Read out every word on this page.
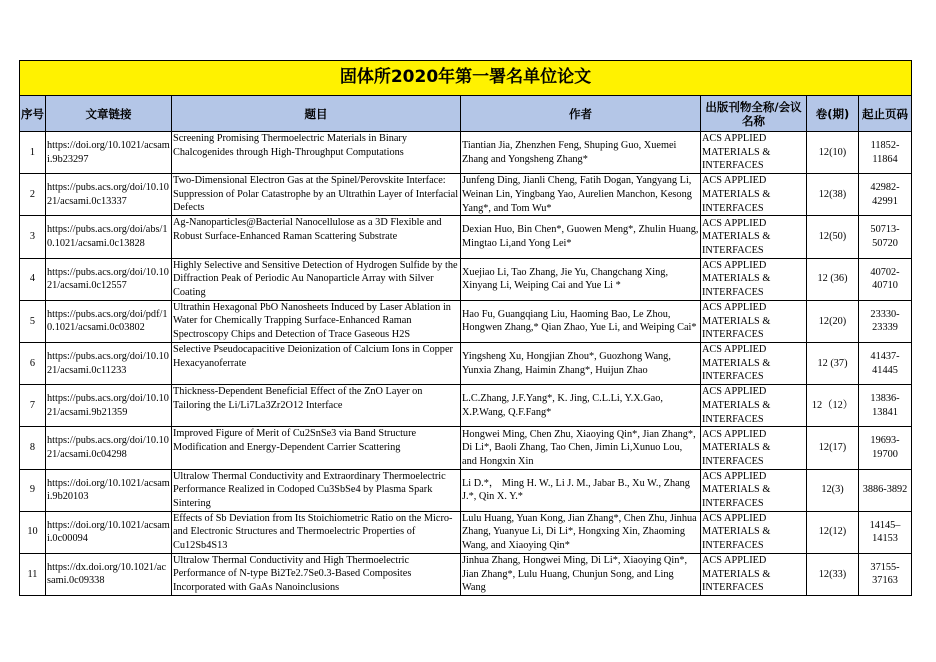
固体所2020年第一署名单位论文						
序号	文章链接	题目	作者	出版刊物全称/会议名称	卷(期)	起止页码
1	https://doi.org/10.1021/acsami.9b23297	Screening Promising Thermoelectric Materials in Binary Chalcogenides through High-Throughput Computations	Tiantian Jia, Zhenzhen Feng, Shuping Guo, Xuemei Zhang and Yongsheng Zhang*	ACS APPLIED MATERIALS & INTERFACES	12(10)	11852-11864
2	https://pubs.acs.org/doi/10.1021/acsami.0c13337	Two-Dimensional Electron Gas at the Spinel/Perovskite Interface: Suppression of Polar Catastrophe by an Ultrathin Layer of Interfacial Defects	Junfeng Ding, Jianli Cheng, Fatih Dogan, Yangyang Li, Weinan Lin, Yingbang Yao, Aurelien Manchon, Kesong Yang*, and Tom Wu*	ACS APPLIED MATERIALS & INTERFACES	12(38)	42982-42991
3	https://pubs.acs.org/doi/abs/10.1021/acsami.0c13828	Ag-Nanoparticles@Bacterial Nanocellulose as a 3D Flexible and Robust Surface-Enhanced Raman Scattering Substrate	Dexian Huo, Bin Chen*, Guowen Meng*, Zhulin Huang, Mingtao Li,and Yong Lei*	ACS APPLIED MATERIALS & INTERFACES	12(50)	50713-50720
4	https://pubs.acs.org/doi/10.1021/acsami.0c12557	Highly Selective and Sensitive Detection of Hydrogen Sulfide by the Diffraction Peak of Periodic Au Nanoparticle Array with Silver Coating	Xuejiao Li, Tao Zhang, Jie Yu, Changchang Xing, Xinyang Li, Weiping Cai and Yue Li *	ACS APPLIED MATERIALS & INTERFACES	12 (36)	40702-40710
5	https://pubs.acs.org/doi/pdf/10.1021/acsami.0c03802	Ultrathin Hexagonal PbO Nanosheets Induced by Laser Ablation in Water for Chemically Trapping Surface-Enhanced Raman Spectroscopy Chips and Detection of Trace Gaseous H2S	Hao Fu, Guangqiang Liu, Haoming Bao, Le Zhou, Hongwen Zhang,* Qian Zhao, Yue Li, and Weiping Cai*	ACS APPLIED MATERIALS & INTERFACES	12(20)	23330-23339
6	https://pubs.acs.org/doi/10.1021/acsami.0c11233	Selective Pseudocapacitive Deionization of Calcium Ions in Copper Hexacyanoferrate	Yingsheng Xu, Hongjian Zhou*, Guozhong Wang, Yunxia Zhang, Haimin Zhang*, Huijun Zhao	ACS APPLIED MATERIALS & INTERFACES	12 (37)	41437-41445
7	https://pubs.acs.org/doi/10.1021/acsami.9b21359	Thickness-Dependent Beneficial Effect of the ZnO Layer on Tailoring the Li/Li7La3Zr2O12 Interface	L.C.Zhang, J.F.Yang*, K. Jing, C.L.Li, Y.X.Gao, X.P.Wang, Q.F.Fang*	ACS APPLIED MATERIALS & INTERFACES	12（12）	13836-13841
8	https://pubs.acs.org/doi/10.1021/acsami.0c04298	Improved Figure of Merit of Cu2SnSe3 via Band Structure Modification and Energy-Dependent Carrier Scattering	Hongwei Ming, Chen Zhu, Xiaoying Qin*, Jian Zhang*, Di Li*, Baoli Zhang, Tao Chen, Jimin Li,Xunuo Lou, and Hongxin Xin	ACS APPLIED MATERIALS & INTERFACES	12(17)	19693-19700
9	https://doi.org/10.1021/acsami.9b20103	Ultralow Thermal Conductivity and Extraordinary Thermoelectric Performance Realized in Codoped Cu3SbSe4 by Plasma Spark Sintering	Li D.*， Ming H. W., Li J. M., Jabar B., Xu W., Zhang J.*, Qin X. Y.*	ACS APPLIED MATERIALS & INTERFACES	12(3)	3886-3892
10	https://doi.org/10.1021/acsami.0c00094	Effects of Sb Deviation from Its Stoichiometric Ratio on the Micro- and Electronic Structures and Thermoelectric Properties of Cu12Sb4S13	Lulu Huang, Yuan Kong, Jian Zhang*, Chen Zhu, Jinhua Zhang, Yuanyue Li, Di Li*, Hongxing Xin, Zhaoming Wang, and Xiaoying Qin*	ACS APPLIED MATERIALS & INTERFACES	12(12)	14145–14153
11	https://dx.doi.org/10.1021/acsami.0c09338	Ultralow Thermal Conductivity and High Thermoelectric Performance of N-type Bi2Te2.7Se0.3-Based Composites Incorporated with GaAs Nanoinclusions	Jinhua Zhang, Hongwei Ming, Di Li*, Xiaoying Qin*, Jian Zhang*, Lulu Huang, Chunjun Song, and Ling Wang	ACS APPLIED MATERIALS & INTERFACES	12(33)	37155-37163
